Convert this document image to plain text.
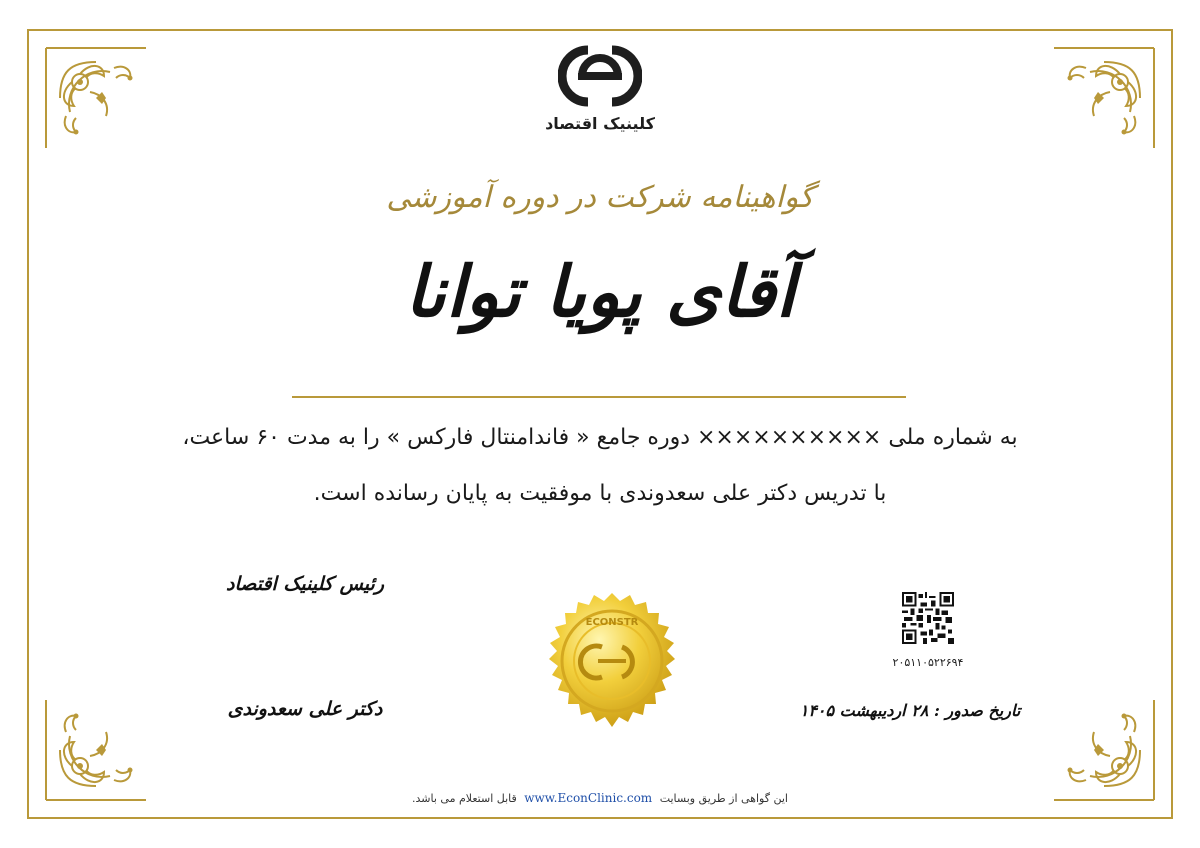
کلینیک اقتصاد
گواهینامه شرکت در دوره آموزشی
آقای پویا توانا
به شماره ملی ×××××××××× دوره جامع « فاندامنتال فارکس » را به مدت ۶۰ ساعت،
با تدریس دکتر علی سعدوندی با موفقیت به پایان رسانده است.
رئیس کلینیک اقتصاد
دکتر علی سعدوندی
ECONSTR
۲۰۵۱۱۰۵۲۲۶۹۴
تاریخ صدور : ۲۸ اردیبهشت ۱۴۰۵
این گواهی از طریق وبسایت www.EconClinic.com قابل استعلام می باشد.
